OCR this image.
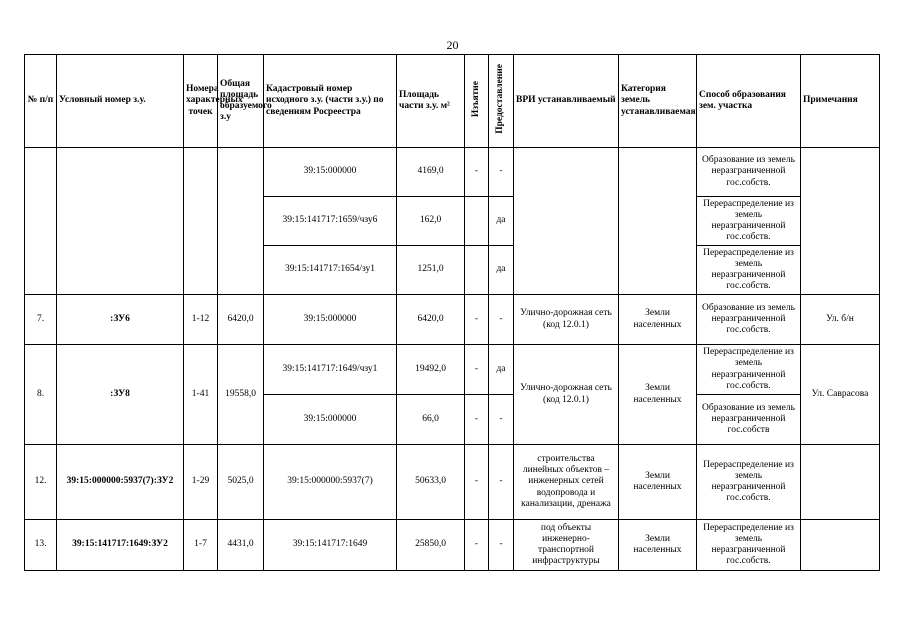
20
№ п/п	Условный номер з.у.	Номера характерных точек	Общая площадь образуемого з.у	Кадастровый номер исходного з.у. (части з.у.) по сведениям Росреестра	Площадь части з.у. м²	Изъятие	Предоставление	ВРИ устанавливаемый	Категория земель устанавливаемая	Способ образования зем. участка	Примечания
				39:15:000000	4169,0	-	-			Образование из земель неразграниченной гос.собств.	
				39:15:141717:1659/чзу6	162,0		да			Перераспределение из земель неразграниченной гос.собств.	
				39:15:141717:1654/зу1	1251,0		да			Перераспределение из земель неразграниченной гос.собств.	
7.	:ЗУ6	1-12	6420,0	39:15:000000	6420,0	-	-	Улично-дорожная сеть (код 12.0.1)	Земли населенных	Образование из земель неразграниченной гос.собств.	Ул. б/н
8.	:ЗУ8	1-41	19558,0	39:15:141717:1649/чзу1	19492,0	-	да	Улично-дорожная сеть (код 12.0.1)	Земли населенных	Перераспределение из земель неразграниченной гос.собств.	Ул. Саврасова
				39:15:000000	66,0	-	-			Образование из земель неразграниченной гос.собств	
12.	39:15:000000:5937(7):ЗУ2	1-29	5025,0	39:15:000000:5937(7)	50633,0	-	-	строительства линейных объектов – инженерных сетей водопровода и канализации, дренажа	Земли населенных	Перераспределение из земель неразграниченной гос.собств.	
13.	39:15:141717:1649:ЗУ2	1-7	4431,0	39:15:141717:1649	25850,0	-	-	под объекты инженерно-транспортной инфраструктуры	Земли населенных	Перераспределение из земель неразграниченной гос.собств.	
